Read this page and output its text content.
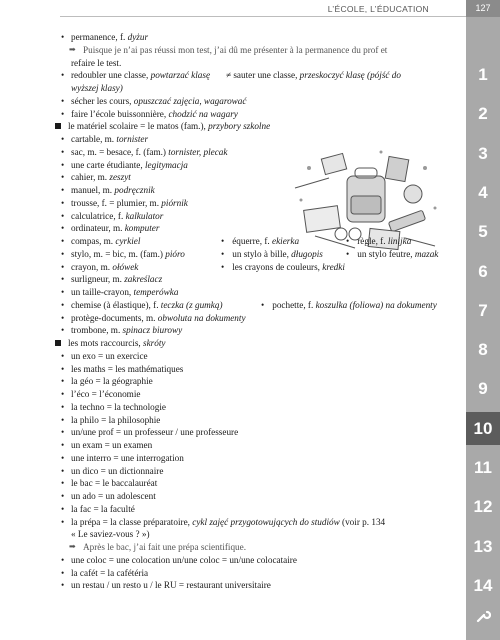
L’ÉCOLE, L’ÉDUCATION	127
1
2
3
4
5
6
7
8
9
10
11
12
13
14
• permanence, f. dyżur
➡ Puisque je n’ai pas réussi mon test, j’ai dû me présenter à la permanence du prof et
refaire le test.
• redoubler une classe, powtarzać klasę	≠ sauter une classe, przeskoczyć klasę (pójść do
wyższej klasy)
• sécher les cours, opuszczać zajęcia, wagarować
• faire l’école buissonnière, chodzić na wagary
le matériel scolaire = le matos (fam.), przybory szkolne
• cartable, m. tornister
• sac, m. = besace, f. (fam.) tornister, plecak
• une carte étudiante, legitymacja
• cahier, m. zeszyt
• manuel, m. podręcznik
• trousse, f. = plumier, m. piórnik
• calculatrice, f. kalkulator
• ordinateur, m. komputer
• compas, m. cyrkiel	• équerre, f. ekierka	• règle, f. linijka
• stylo, m. = bic, m. (fam.) pióro	• un stylo à bille, długopis	• un stylo feutre, mazak
• crayon, m. ołówek	• les crayons de couleurs, kredki
• surligneur, m. zakreślacz
• un taille-crayon, temperówka
• chemise (à élastique), f. teczka (z gumką)	• pochette, f. koszulka (foliowa) na dokumenty
• protège-documents, m. obwoluta na dokumenty
• trombone, m. spinacz biurowy
les mots raccourcis, skróty
• un exo = un exercice
• les maths = les mathématiques
• la géo = la géographie
• l’éco = l’économie
• la techno = la technologie
• la philo = la philosophie
• un/une prof = un professeur / une professeure
• un exam = un examen
• une interro = une interrogation
• un dico = un dictionnaire
• le bac = le baccalauréat
• un ado = un adolescent
• la fac = la faculté
• la prépa = la classe préparatoire, cykl zajęć przygotowujących do studiów (voir p. 134
« Le saviez-vous ? »)
➡ Après le bac, j’ai fait une prépa scientifique.
• une coloc = une colocation un/une coloc = un/une colocataire
• la cafét = la cafétéria
• un restau / un resto u / le RU = restaurant universitaire
